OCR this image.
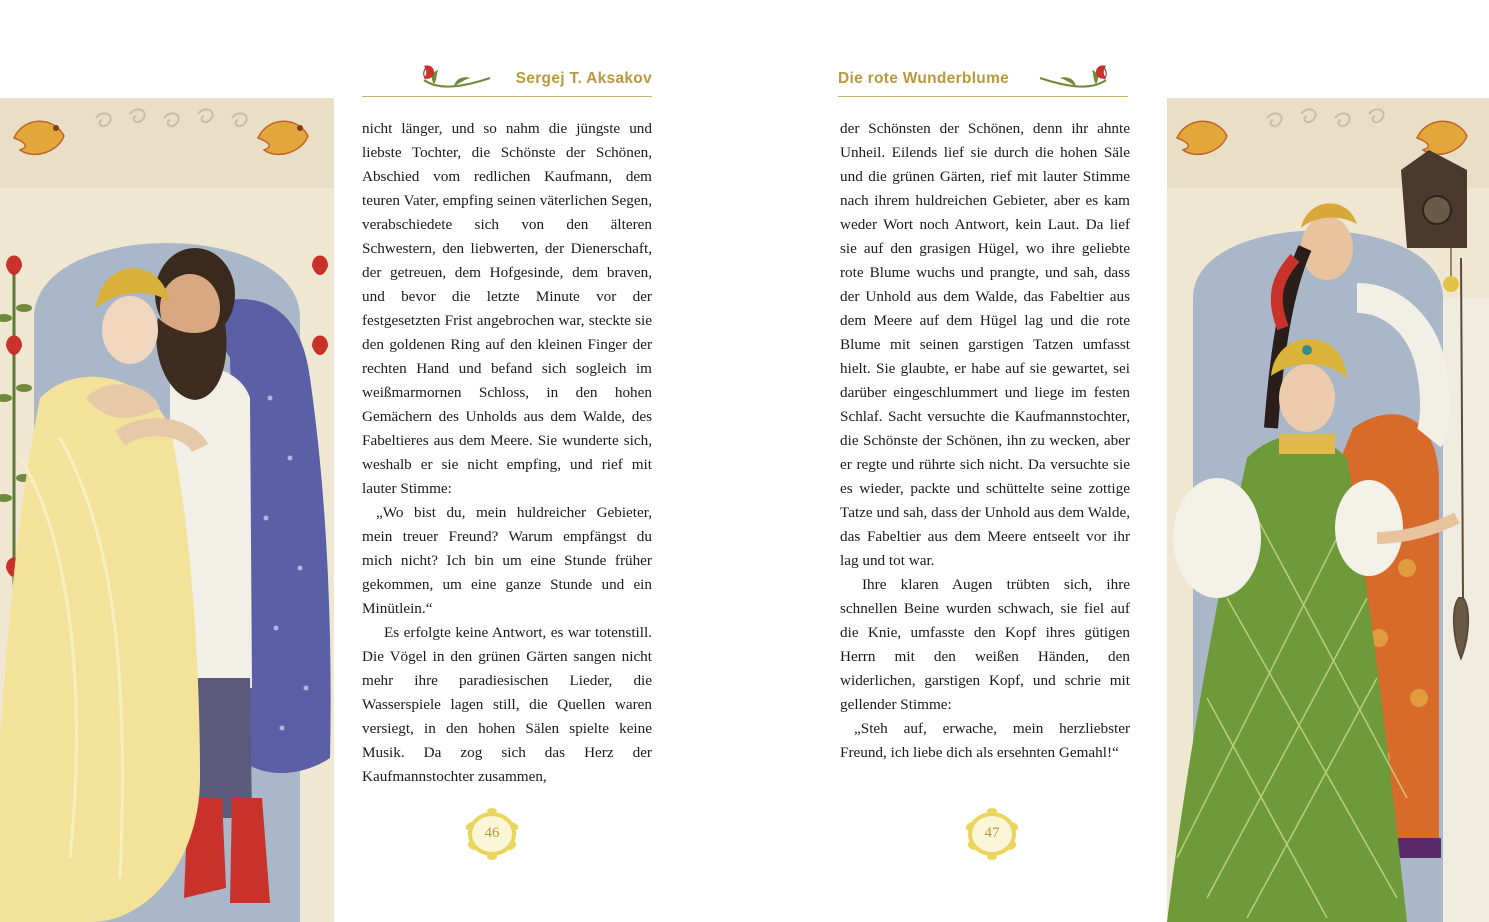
Sergej T. Aksakov

nicht länger, und so nahm die jüngste und liebste Tochter, die Schönste der Schönen, Abschied vom redlichen Kaufmann, dem teuren Vater, empfing seinen väterlichen Segen, verabschiedete sich von den älteren Schwestern, den liebwerten, der Dienerschaft, der getreuen, dem Hofgesinde, dem braven, und bevor die letzte Minute vor der festgesetzten Frist angebrochen war, steckte sie den goldenen Ring auf den kleinen Finger der rechten Hand und befand sich sogleich im weißmarmornen Schloss, in den hohen Gemächern des Unholds aus dem Walde, des Fabeltieres aus dem Meere. Sie wunderte sich, weshalb er sie nicht empfing, und rief mit lauter Stimme:

„Wo bist du, mein huldreicher Gebieter, mein treuer Freund? Warum empfängst du mich nicht? Ich bin um eine Stunde früher gekommen, um eine ganze Stunde und ein Minütlein.“

Es erfolgte keine Antwort, es war totenstill. Die Vögel in den grünen Gärten sangen nicht mehr ihre paradiesischen Lieder, die Wasserspiele lagen still, die Quellen waren versiegt, in den hohen Sälen spielte keine Musik. Da zog sich das Herz der Kaufmannstochter zusammen,

46
Die rote Wunderblume

der Schönsten der Schönen, denn ihr ahnte Unheil. Eilends lief sie durch die hohen Säle und die grünen Gärten, rief mit lauter Stimme nach ihrem huldreichen Gebieter, aber es kam weder Wort noch Antwort, kein Laut. Da lief sie auf den grasigen Hügel, wo ihre geliebte rote Blume wuchs und prangte, und sah, dass der Unhold aus dem Walde, das Fabeltier aus dem Meere auf dem Hügel lag und die rote Blume mit seinen garstigen Tatzen umfasst hielt. Sie glaubte, er habe auf sie gewartet, sei darüber eingeschlummert und liege im festen Schlaf. Sacht versuchte die Kaufmannstochter, die Schönste der Schönen, ihn zu wecken, aber er regte und rührte sich nicht. Da versuchte sie es wieder, packte und schüttelte seine zottige Tatze und sah, dass der Unhold aus dem Walde, das Fabeltier aus dem Meere entseelt vor ihr lag und tot war.

Ihre klaren Augen trübten sich, ihre schnellen Beine wurden schwach, sie fiel auf die Knie, umfasste den Kopf ihres gütigen Herrn mit den weißen Händen, den widerlichen, garstigen Kopf, und schrie mit gellender Stimme:

„Steh auf, erwache, mein herzliebster Freund, ich liebe dich als ersehnten Gemahl!“

47
